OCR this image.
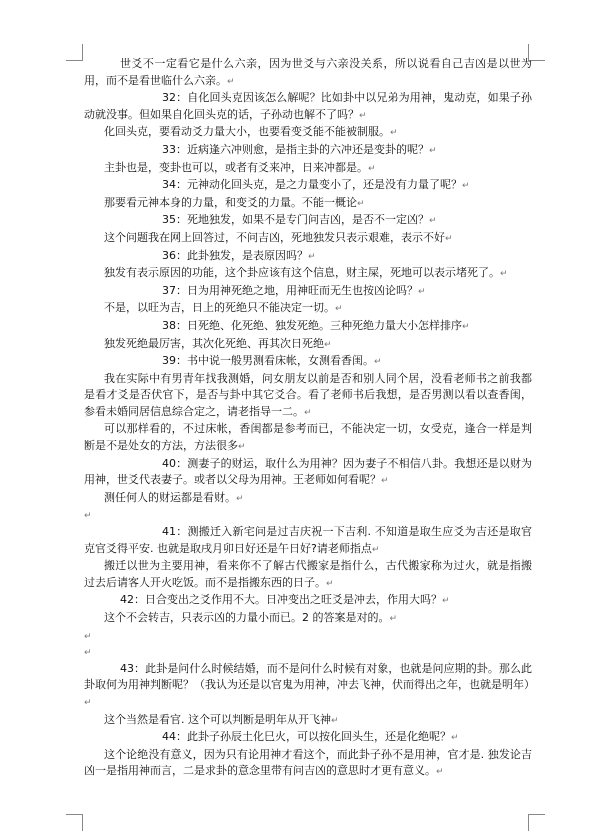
世爻不一定看它是什么六亲，因为世爻与六亲没关系，所以说看自己吉凶是以世为用，而不是看世临什么六亲。↵

32：自化回头克因该怎么解呢？比如卦中以兄弟为用神，鬼动克，如果子孙动就没事。但如果自化回头克的话，子孙动也解不了吗？↵

化回头克，要看动爻力量大小，也要看变爻能不能被制服。↵

33：近病逢六冲则愈，是指主卦的六冲还是变卦的呢？↵

主卦也是，变卦也可以，或者有爻来冲，日来冲都是。↵

34：元神动化回头克，是之力量变小了，还是没有力量了呢？↵

那要看元神本身的力量，和变爻的力量。不能一概论↵

35：死地独发，如果不是专门问吉凶，是否不一定凶？↵

这个问题我在网上回答过，不问吉凶，死地独发只表示艰难，表示不好↵

36：此卦独发，是表原因吗？↵

独发有表示原因的功能，这个卦应该有这个信息，财主屎，死地可以表示堵死了。↵

37：日为用神死绝之地，用神旺而无生也按凶论吗？↵

不是，以旺为吉，日上的死绝只不能决定一切。↵

38：日死绝、化死绝、独发死绝。三种死绝力量大小怎样排序↵

独发死绝最厉害，其次化死绝、再其次日死绝↵

39：书中说一般男测看床帐，女测看香闺。↵

我在实际中有男青年找我测婚，问女朋友以前是否和别人同个居，没看老师书之前我都是看才爻是否伏官下，是否与卦中其它爻合。看了老师书后我想，是否男测以看以查香闺，参看未婚同居信息综合定之，请老指导一二。↵

可以那样看的，不过床帐，香闺都是参考而已，不能决定一切，女受克，逢合一样是判断是不是处女的方法，方法很多↵

40：测妻子的财运，取什么为用神？因为妻子不相信八卦。我想还是以财为用神，世爻代表妻子。或者以父母为用神。王老师如何看呢？↵

测任何人的财运都是看财。↵

↵

41：测搬迁入新宅问是过吉庆祝一下吉利. 不知道是取生应爻为吉还是取官克官爻得平安. 也就是取戌月卯日好还是午日好?请老师指点↵

搬迁以世为主要用神，看来你不了解古代搬家是指什么，古代搬家称为过火，就是指搬过去后请客人开火吃饭。而不是指搬东西的日子。↵

42：日合变出之爻作用不大。日冲变出之旺爻是冲去，作用大吗？↵

这个不会转吉，只表示凶的力量小而已。2 的答案是对的。↵

↵

↵

43：此卦是问什么时候结婚，而不是问什么时候有对象，也就是问应期的卦。那么此卦取何为用神判断呢？（我认为还是以官鬼为用神，冲去飞神，伏而得出之年，也就是明年）↵

这个当然是看官. 这个可以判断是明年从开飞神↵

44：此卦子孙辰土化巳火，可以按化回头生，还是化绝呢？↵

这个论绝没有意义，因为只有论用神才看这个，而此卦子孙不是用神，官才是. 独发论吉凶一是指用神而言，二是求卦的意念里带有问吉凶的意思时才更有意义。↵
